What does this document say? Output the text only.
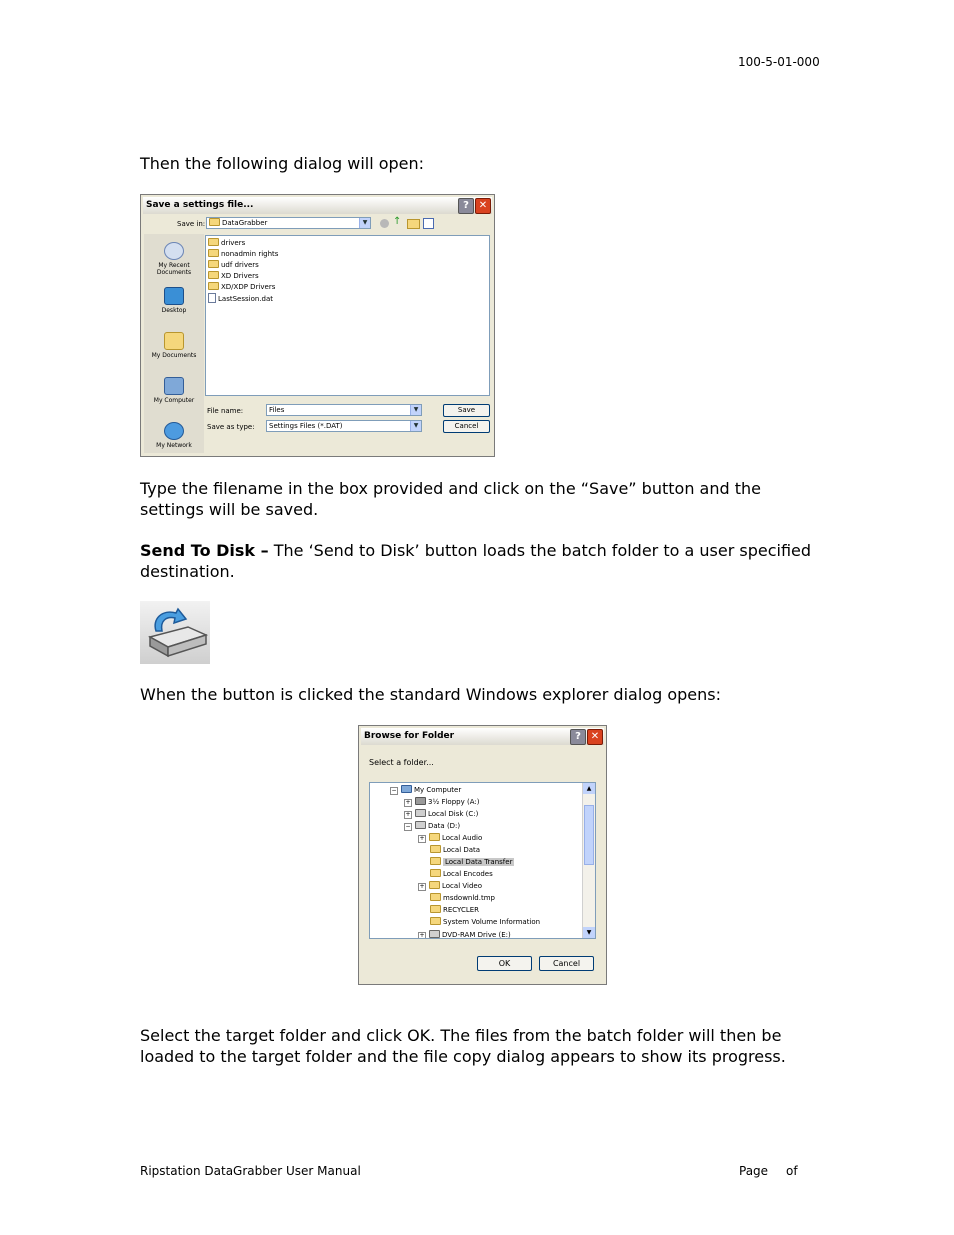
100-5-01-000
Then the following dialog will open:
Save a settings file...	? ✕
Save in:	DataGrabber	▼	↑
My Recent Documents
Desktop
My Documents
My Computer
My Network
drivers
nonadmin rights
udf drivers
XD Drivers
XD/XDP Drivers
LastSession.dat
File name:	Files	▼
Save as type:	Settings Files (*.DAT)	▼
Save
Cancel
Type the filename in the box provided and click on the “Save” button and the settings will be saved.
Send To Disk – The ‘Send to Disk’ button loads the batch folder to a user specified destination.
When the button is clicked the standard Windows explorer dialog opens:
Browse for Folder	? ✕
Select a folder...
− My Computer
+ 3½ Floppy (A:)
+ Local Disk (C:)
− Data (D:)
+ Local Audio
Local Data
Local Data Transfer
Local Encodes
+ Local Video
msdownld.tmp
RECYCLER
System Volume Information
+ DVD-RAM Drive (E:)
▲
▼
OK	Cancel
Select the target folder and click OK. The files from the batch folder will then be loaded to the target folder and the file copy dialog appears to show its progress.
Ripstation DataGrabber User Manual	Page of
